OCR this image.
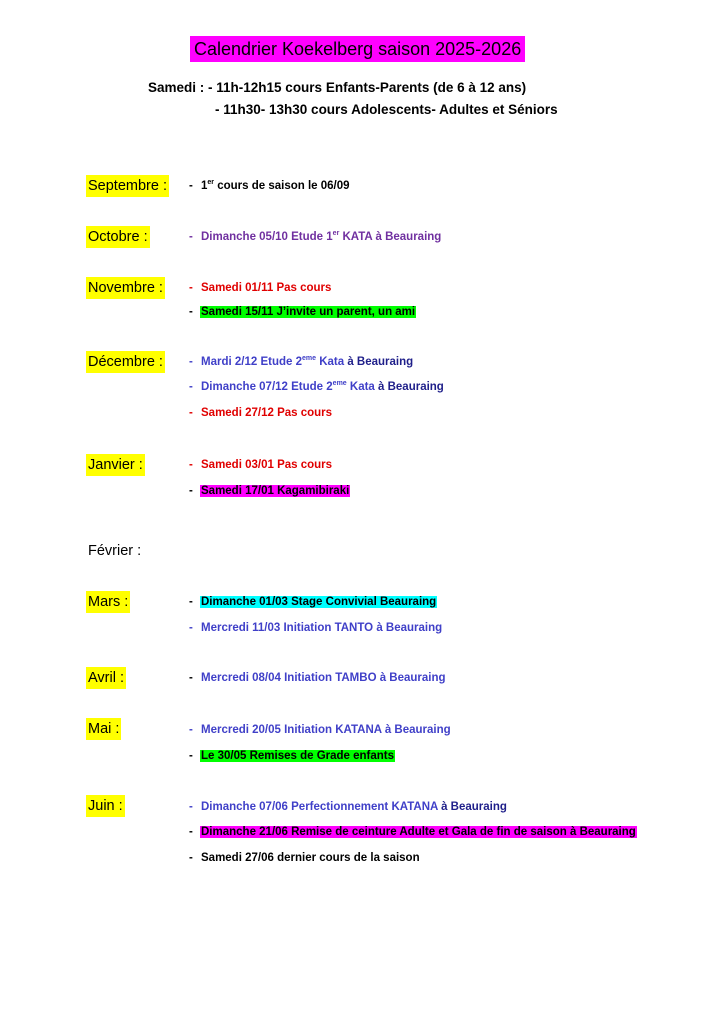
Calendrier Koekelberg saison 2025-2026
Samedi : - 11h-12h15 cours Enfants-Parents (de 6 à 12 ans)
- 11h30- 13h30 cours Adolescents- Adultes et Séniors
Septembre :
Octobre :
Novembre :
Décembre :
Janvier :
Février :
Mars :
Avril :
Mai :
Juin :
- 1er cours de saison le 06/09
- Dimanche 05/10 Etude 1er KATA à Beauraing
- Samedi 01/11 Pas cours
- Samedi 15/11 J’invite un parent, un ami
- Mardi 2/12 Etude 2eme Kata à Beauraing
- Dimanche 07/12 Etude 2eme Kata à Beauraing
- Samedi 27/12 Pas cours
- Samedi 03/01 Pas cours
- Samedi 17/01 Kagamibiraki
- Dimanche 01/03 Stage Convivial Beauraing
- Mercredi 11/03 Initiation TANTO à Beauraing
- Mercredi 08/04 Initiation TAMBO à Beauraing
- Mercredi 20/05 Initiation KATANA à Beauraing
- Le 30/05 Remises de Grade enfants
- Dimanche 07/06 Perfectionnement KATANA à Beauraing
- Dimanche 21/06 Remise de ceinture Adulte et Gala de fin de saison à Beauraing
- Samedi 27/06 dernier cours de la saison
